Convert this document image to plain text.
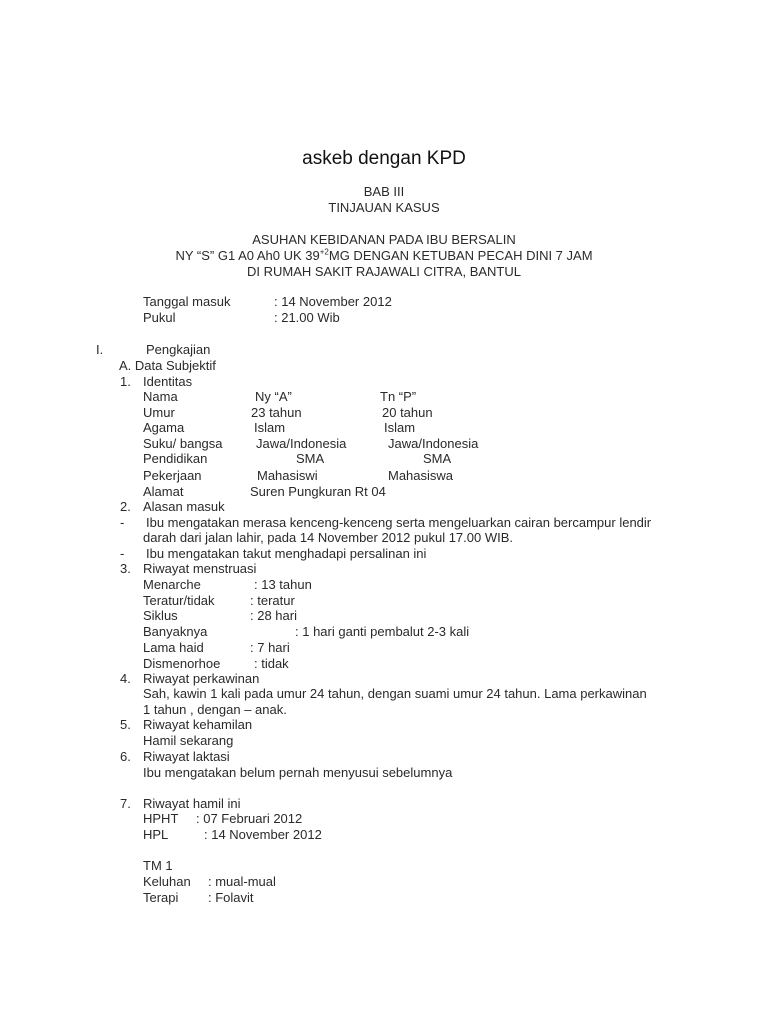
askeb dengan KPD
BAB III
TINJAUAN KASUS
ASUHAN KEBIDANAN PADA IBU BERSALIN
NY “S” G1 A0 Ah0 UK $39^{+2}MG$ DENGAN KETUBAN PECAH DINI 7 JAM
DI RUMAH SAKIT RAJAWALI CITRA, BANTUL
Tanggal masuk	: 14 November 2012
Pukul	: 21.00 Wib
I.	Pengkajian
A. Data Subjektif
1. Identitas
Nama	Ny “A”	Tn “P”
Umur	23 tahun	20 tahun
Agama	Islam	Islam
Suku/ bangsa	Jawa/Indonesia	Jawa/Indonesia
Pendidikan	SMA	SMA
Pekerjaan	Mahasiswi	Mahasiswa
Alamat	Suren Pungkuran Rt 04
2. Alasan masuk
- Ibu mengatakan merasa kenceng-kenceng serta mengeluarkan cairan bercampur lendir
darah dari jalan lahir, pada 14 November 2012 pukul 17.00 WIB.
- Ibu mengatakan takut menghadapi persalinan ini
3. Riwayat menstruasi
Menarche	: 13 tahun
Teratur/tidak	: teratur
Siklus	: 28 hari
Banyaknya	: 1 hari ganti pembalut 2-3 kali
Lama haid	: 7 hari
Dismenorhoe	: tidak
4. Riwayat perkawinan
Sah, kawin 1 kali pada umur 24 tahun, dengan suami umur 24 tahun. Lama perkawinan
1 tahun , dengan – anak.
5. Riwayat kehamilan
Hamil sekarang
6. Riwayat laktasi
Ibu mengatakan belum pernah menyusui sebelumnya
7. Riwayat hamil ini
HPHT : 07 Februari 2012
HPL	: 14 November 2012
TM 1
Keluhan : mual-mual
Terapi : Folavit
